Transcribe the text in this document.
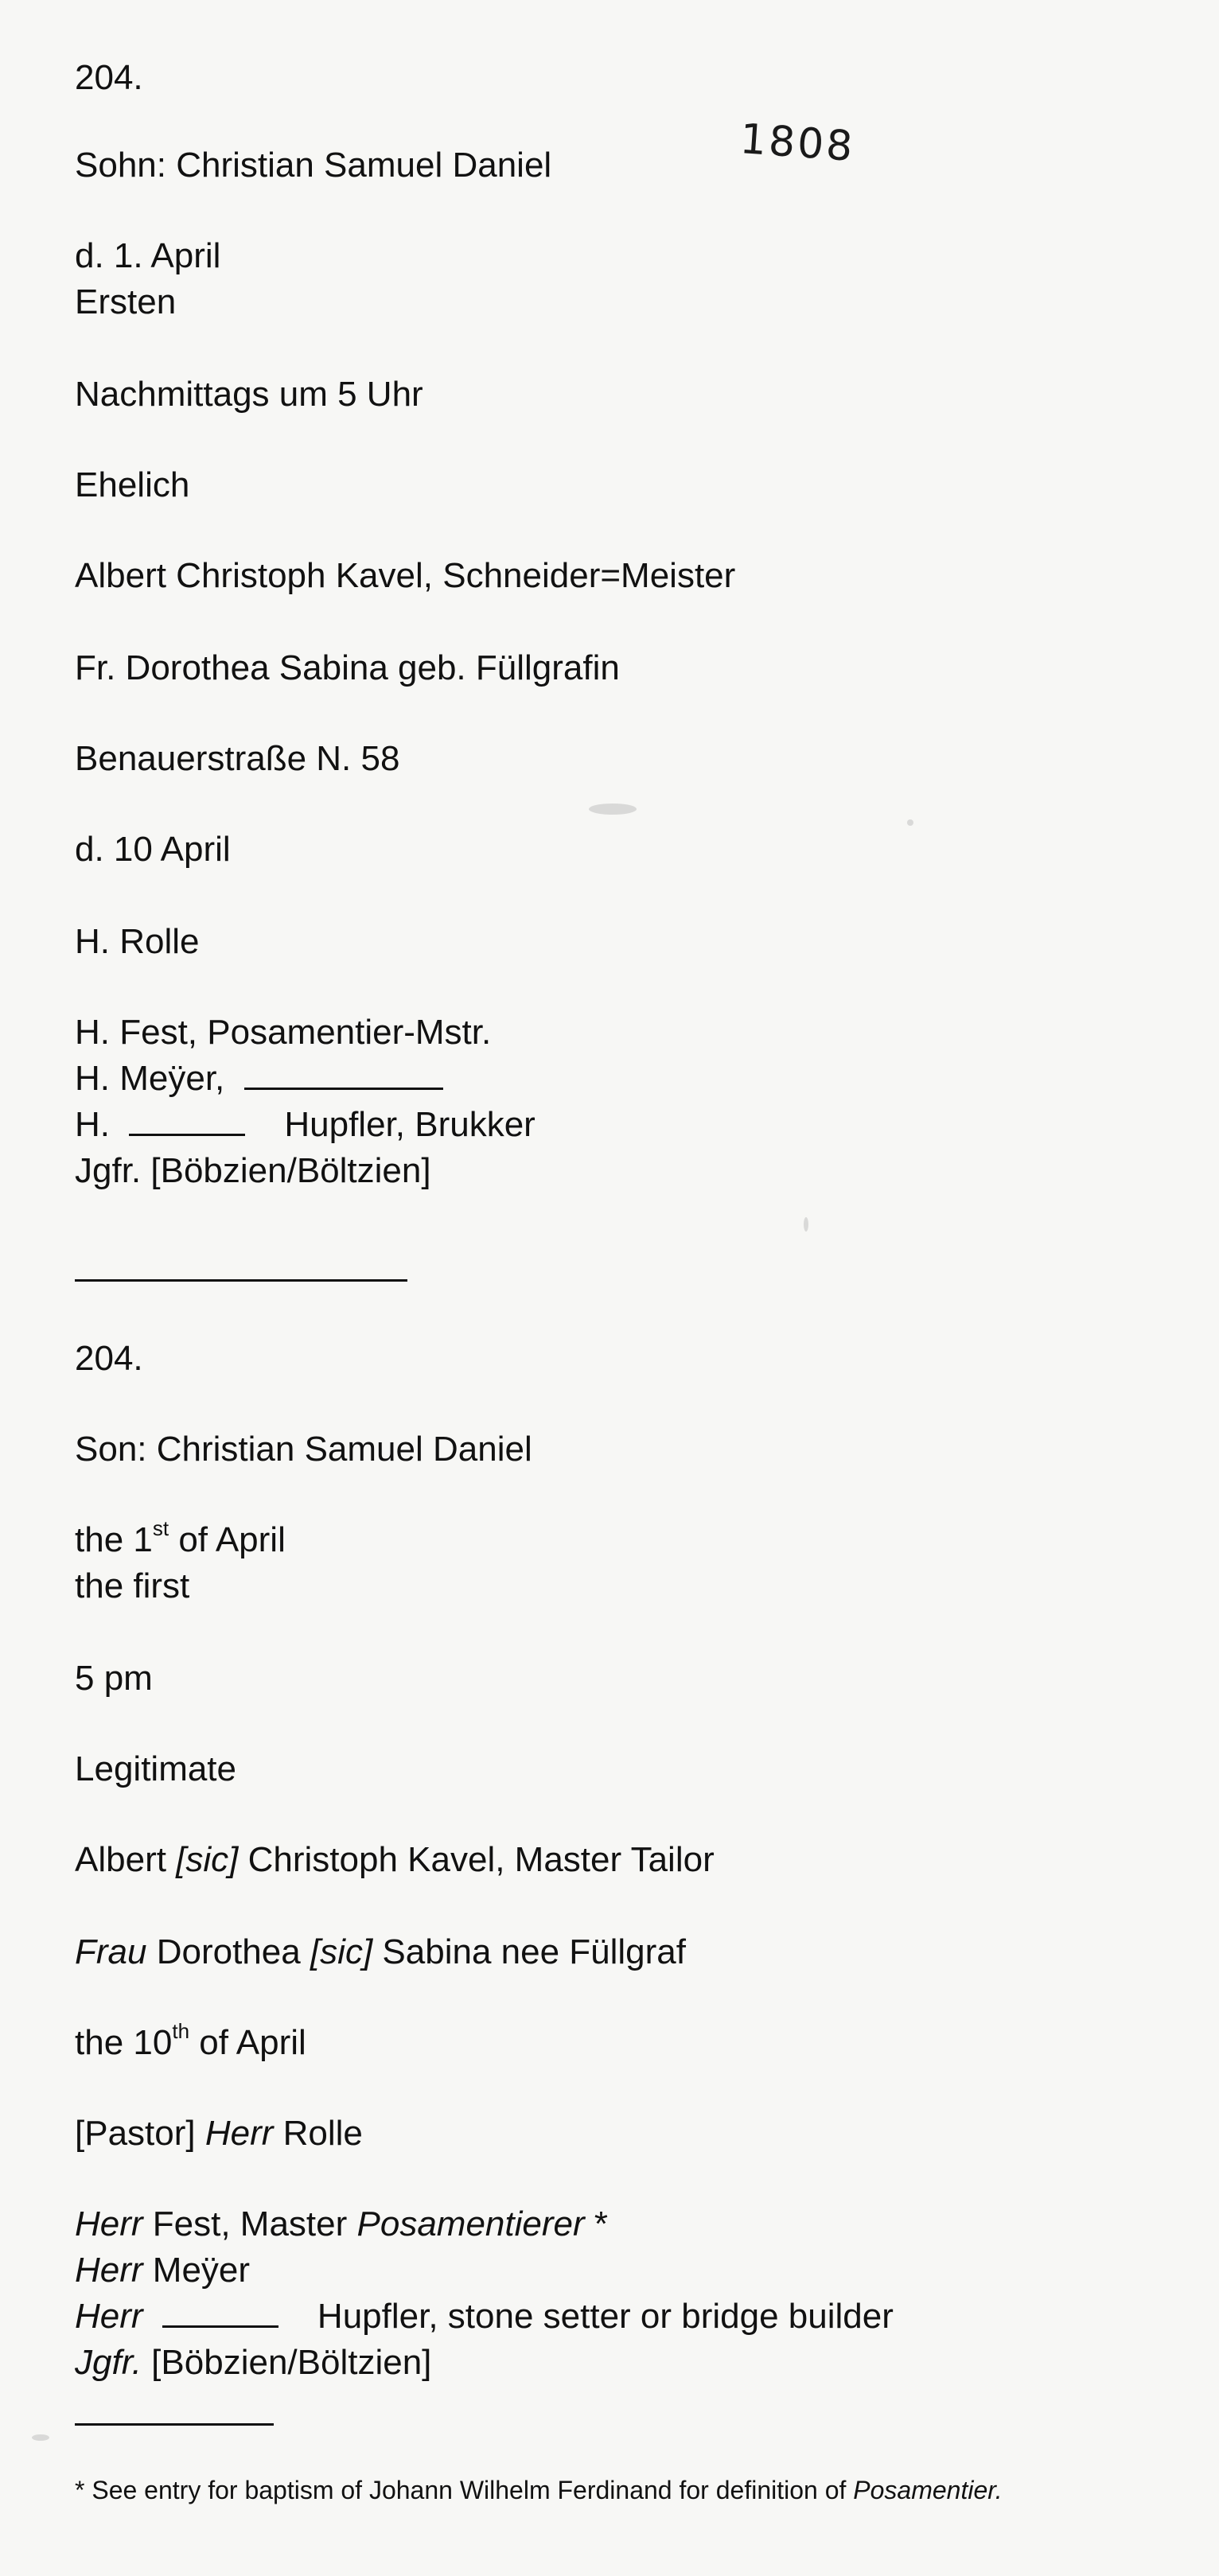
1808
204.
Sohn: Christian Samuel Daniel
d. 1. April
Ersten
Nachmittags um 5 Uhr
Ehelich
Albert Christoph Kavel, Schneider=Meister
Fr. Dorothea Sabina geb. Füllgrafin
Benauerstraße N. 58
d. 10 April
H. Rolle
H. Fest, Posamentier-Mstr.
H. Meÿer,
H.	Hupfler, Brukker
Jgfr. [Böbzien/Böltzien]
204.
Son: Christian Samuel Daniel
the 1st of April
the first
5 pm
Legitimate
Albert [sic] Christoph Kavel, Master Tailor
Frau Dorothea [sic] Sabina nee Füllgraf
the 10th of April
[Pastor] Herr Rolle
Herr Fest, Master Posamentierer *
Herr Meÿer
Herr	Hupfler, stone setter or bridge builder
Jgfr. [Böbzien/Böltzien]
* See entry for baptism of Johann Wilhelm Ferdinand for definition of Posamentier.
